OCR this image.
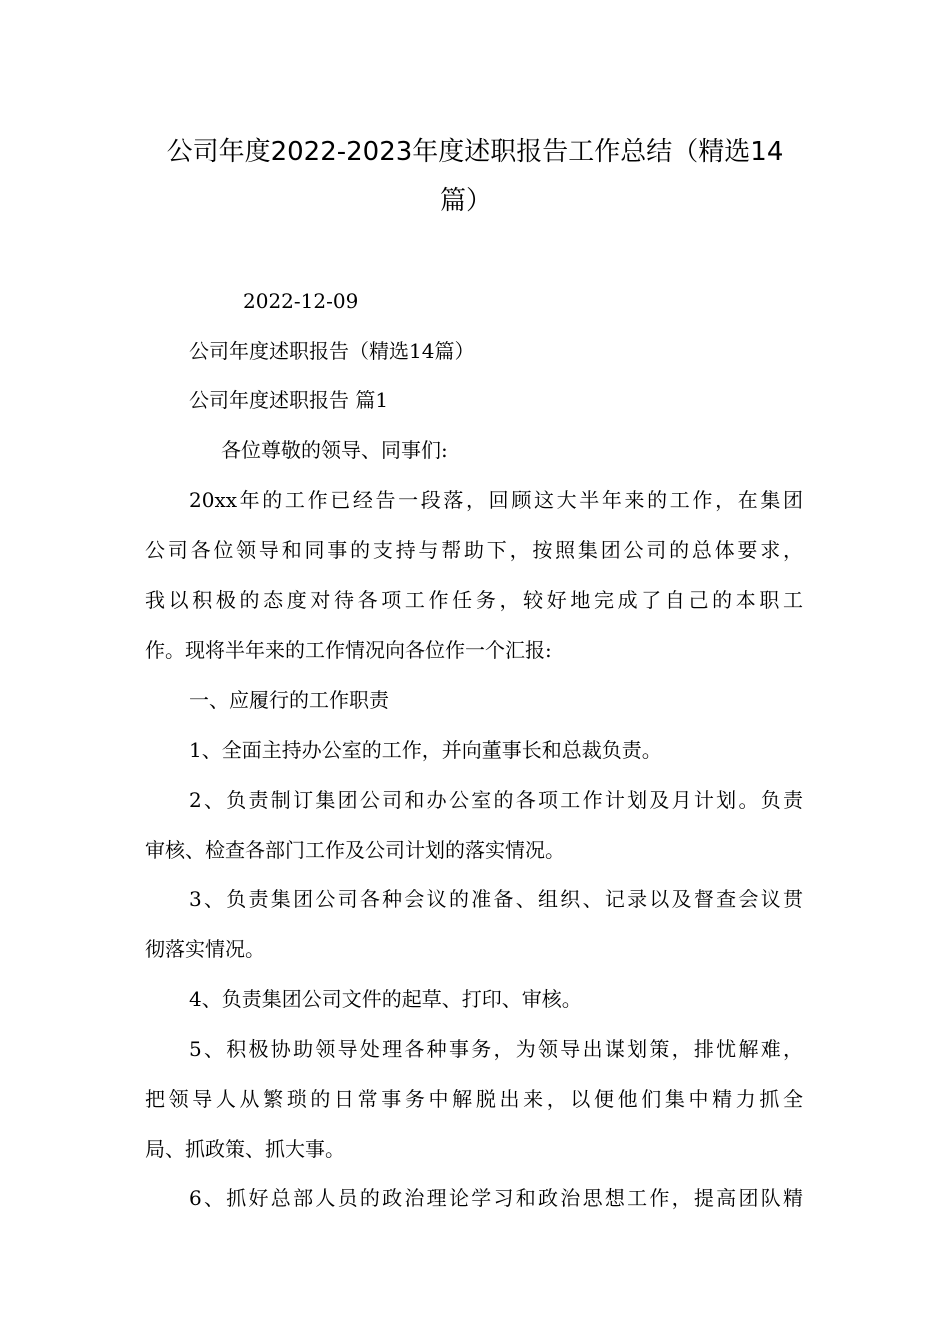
公司年度2022-2023年度述职报告工作总结（精选14
篇）
2022-12-09
公司年度述职报告（精选14篇）
公司年度述职报告 篇1
各位尊敬的领导、同事们:
20xx年的工作已经告一段落，回顾这大半年来的工作，在集团
公司各位领导和同事的支持与帮助下，按照集团公司的总体要求，
我以积极的态度对待各项工作任务，较好地完成了自己的本职工
作。现将半年来的工作情况向各位作一个汇报:
一、应履行的工作职责
1、全面主持办公室的工作，并向董事长和总裁负责。
2、负责制订集团公司和办公室的各项工作计划及月计划。负责
审核、检查各部门工作及公司计划的落实情况。
3、负责集团公司各种会议的准备、组织、记录以及督查会议贯
彻落实情况。
4、负责集团公司文件的起草、打印、审核。
5、积极协助领导处理各种事务，为领导出谋划策，排忧解难，
把领导人从繁琐的日常事务中解脱出来，以便他们集中精力抓全
局、抓政策、抓大事。
6、抓好总部人员的政治理论学习和政治思想工作，提高团队精
